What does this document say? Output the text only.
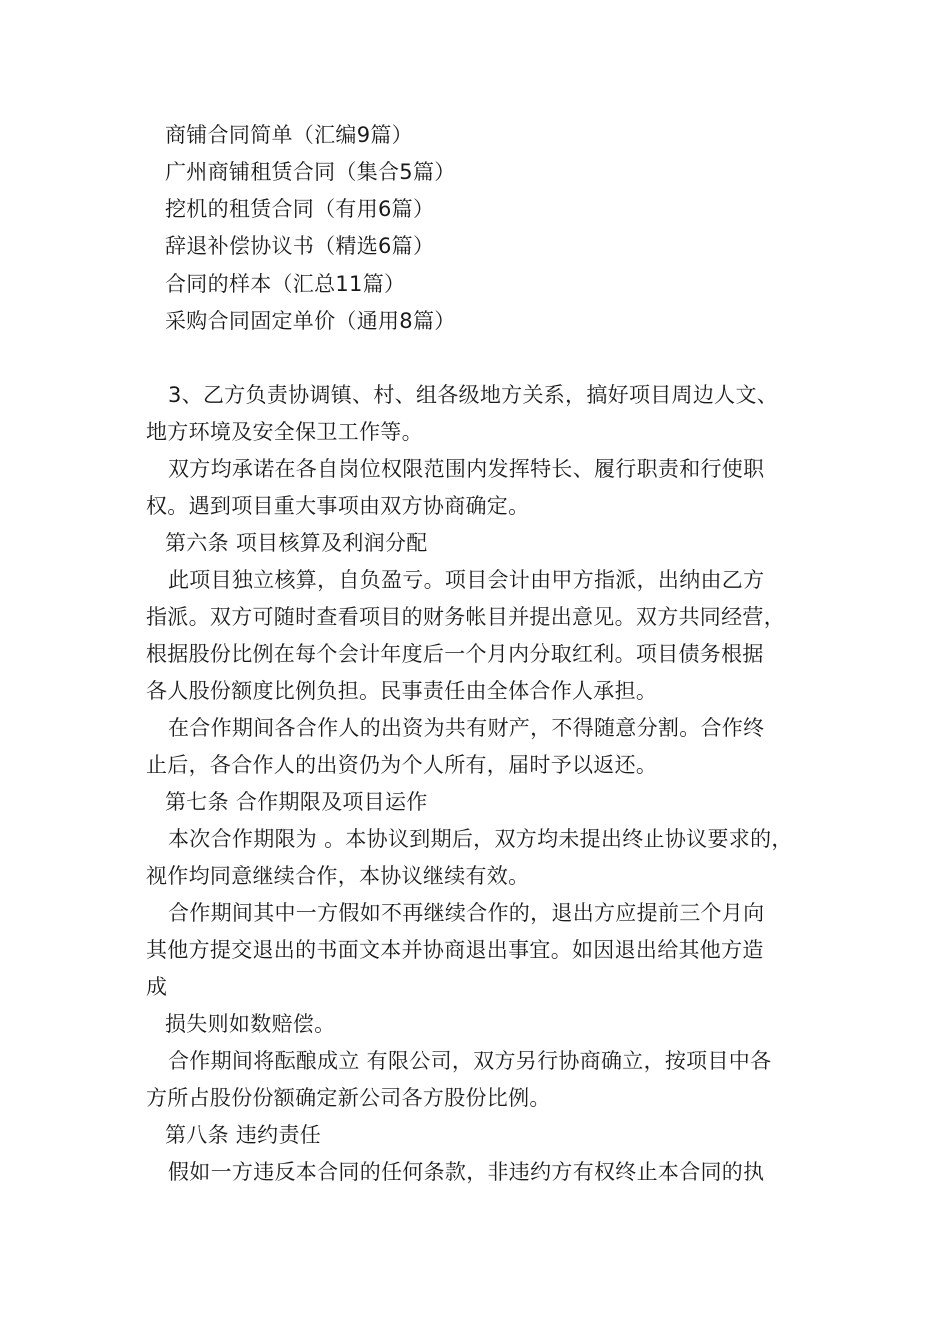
商铺合同简单（汇编9篇）

广州商铺租赁合同（集合5篇）

挖机的租赁合同（有用6篇）

辞退补偿协议书（精选6篇）

合同的样本（汇总11篇）

采购合同固定单价（通用8篇）

3、乙方负责协调镇、村、组各级地方关系，搞好项目周边人文、

地方环境及安全保卫工作等。

双方均承诺在各自岗位权限范围内发挥特长、履行职责和行使职

权。遇到项目重大事项由双方协商确定。

第六条 项目核算及利润分配

此项目独立核算，自负盈亏。项目会计由甲方指派，出纳由乙方

指派。双方可随时查看项目的财务帐目并提出意见。双方共同经营，

根据股份比例在每个会计年度后一个月内分取红利。项目债务根据

各人股份额度比例负担。民事责任由全体合作人承担。

在合作期间各合作人的出资为共有财产，不得随意分割。合作终

止后，各合作人的出资仍为个人所有，届时予以返还。

第七条 合作期限及项目运作

本次合作期限为 。本协议到期后，双方均未提出终止协议要求的，

视作均同意继续合作，本协议继续有效。

合作期间其中一方假如不再继续合作的，退出方应提前三个月向

其他方提交退出的书面文本并协商退出事宜。如因退出给其他方造

成

损失则如数赔偿。

合作期间将酝酿成立 有限公司，双方另行协商确立，按项目中各

方所占股份份额确定新公司各方股份比例。

第八条 违约责任

假如一方违反本合同的任何条款，非违约方有权终止本合同的执
